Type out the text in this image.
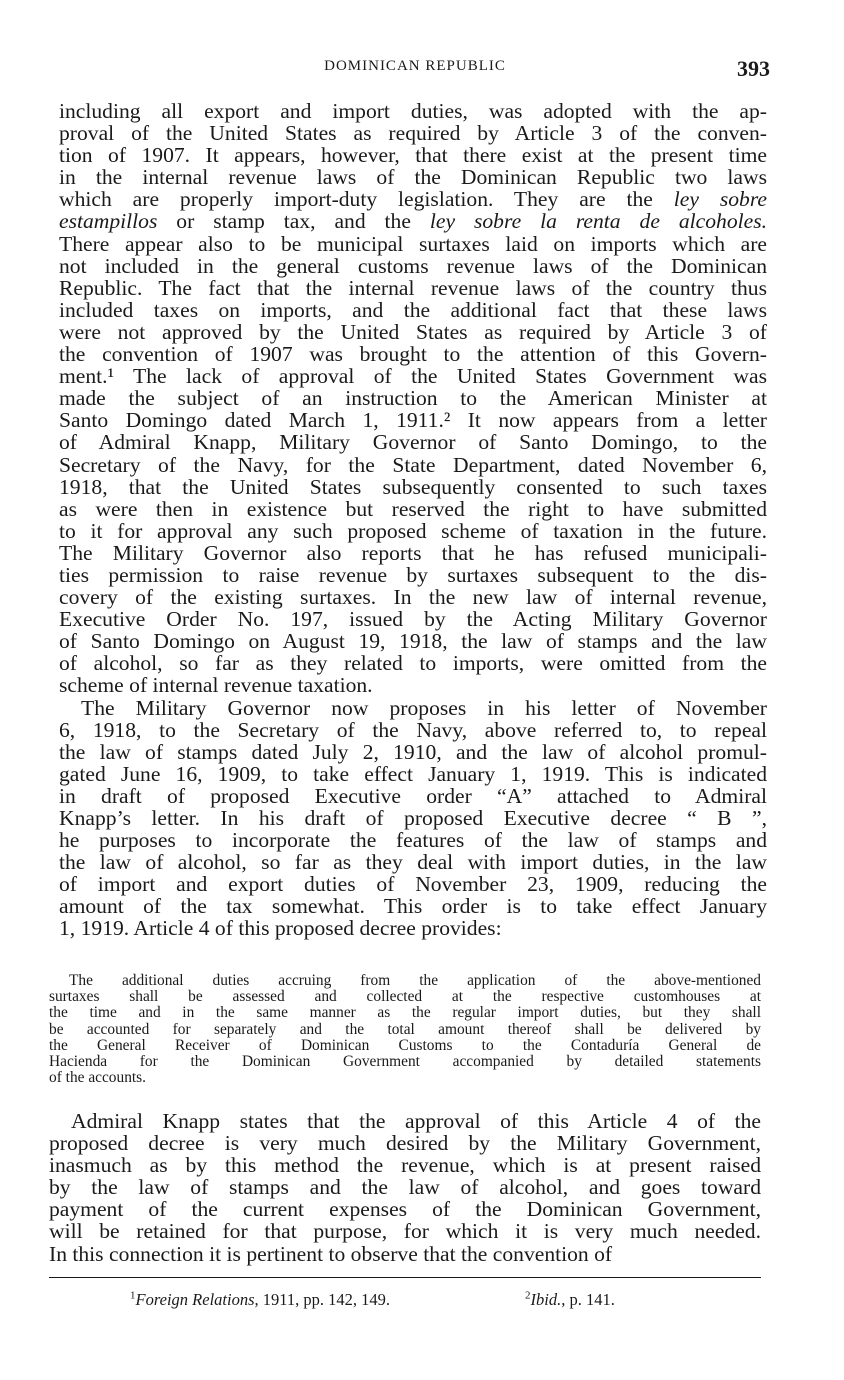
DOMINICAN REPUBLIC	393
including all export and import duties, was adopted with the ap-
proval of the United States as required by Article 3 of the conven-
tion of 1907. It appears, however, that there exist at the present time
in the internal revenue laws of the Dominican Republic two laws
which are properly import-duty legislation. They are the ley sobre
estampillos or stamp tax, and the ley sobre la renta de alcoholes.
There appear also to be municipal surtaxes laid on imports which are
not included in the general customs revenue laws of the Dominican
Republic. The fact that the internal revenue laws of the country thus
included taxes on imports, and the additional fact that these laws
were not approved by the United States as required by Article 3 of
the convention of 1907 was brought to the attention of this Govern-
ment.¹ The lack of approval of the United States Government was
made the subject of an instruction to the American Minister at
Santo Domingo dated March 1, 1911.² It now appears from a letter
of Admiral Knapp, Military Governor of Santo Domingo, to the
Secretary of the Navy, for the State Department, dated November 6,
1918, that the United States subsequently consented to such taxes
as were then in existence but reserved the right to have submitted
to it for approval any such proposed scheme of taxation in the future.
The Military Governor also reports that he has refused municipali-
ties permission to raise revenue by surtaxes subsequent to the dis-
covery of the existing surtaxes. In the new law of internal revenue,
Executive Order No. 197, issued by the Acting Military Governor
of Santo Domingo on August 19, 1918, the law of stamps and the law
of alcohol, so far as they related to imports, were omitted from the
scheme of internal revenue taxation.
The Military Governor now proposes in his letter of November
6, 1918, to the Secretary of the Navy, above referred to, to repeal
the law of stamps dated July 2, 1910, and the law of alcohol promul-
gated June 16, 1909, to take effect January 1, 1919. This is indicated
in draft of proposed Executive order “A” attached to Admiral
Knapp’s letter. In his draft of proposed Executive decree “ B ”,
he purposes to incorporate the features of the law of stamps and
the law of alcohol, so far as they deal with import duties, in the law
of import and export duties of November 23, 1909, reducing the
amount of the tax somewhat. This order is to take effect January
1, 1919. Article 4 of this proposed decree provides:
The additional duties accruing from the application of the above-mentioned
surtaxes shall be assessed and collected at the respective customhouses at
the time and in the same manner as the regular import duties, but they shall
be accounted for separately and the total amount thereof shall be delivered by
the General Receiver of Dominican Customs to the Contaduría General de
Hacienda for the Dominican Government accompanied by detailed statements
of the accounts.
Admiral Knapp states that the approval of this Article 4 of the
proposed decree is very much desired by the Military Government,
inasmuch as by this method the revenue, which is at present raised
by the law of stamps and the law of alcohol, and goes toward
payment of the current expenses of the Dominican Government,
will be retained for that purpose, for which it is very much needed.
In this connection it is pertinent to observe that the convention of
$^1$Foreign Relations, 1911, pp. 142, 149.	$^2$Ibid., p. 141.
